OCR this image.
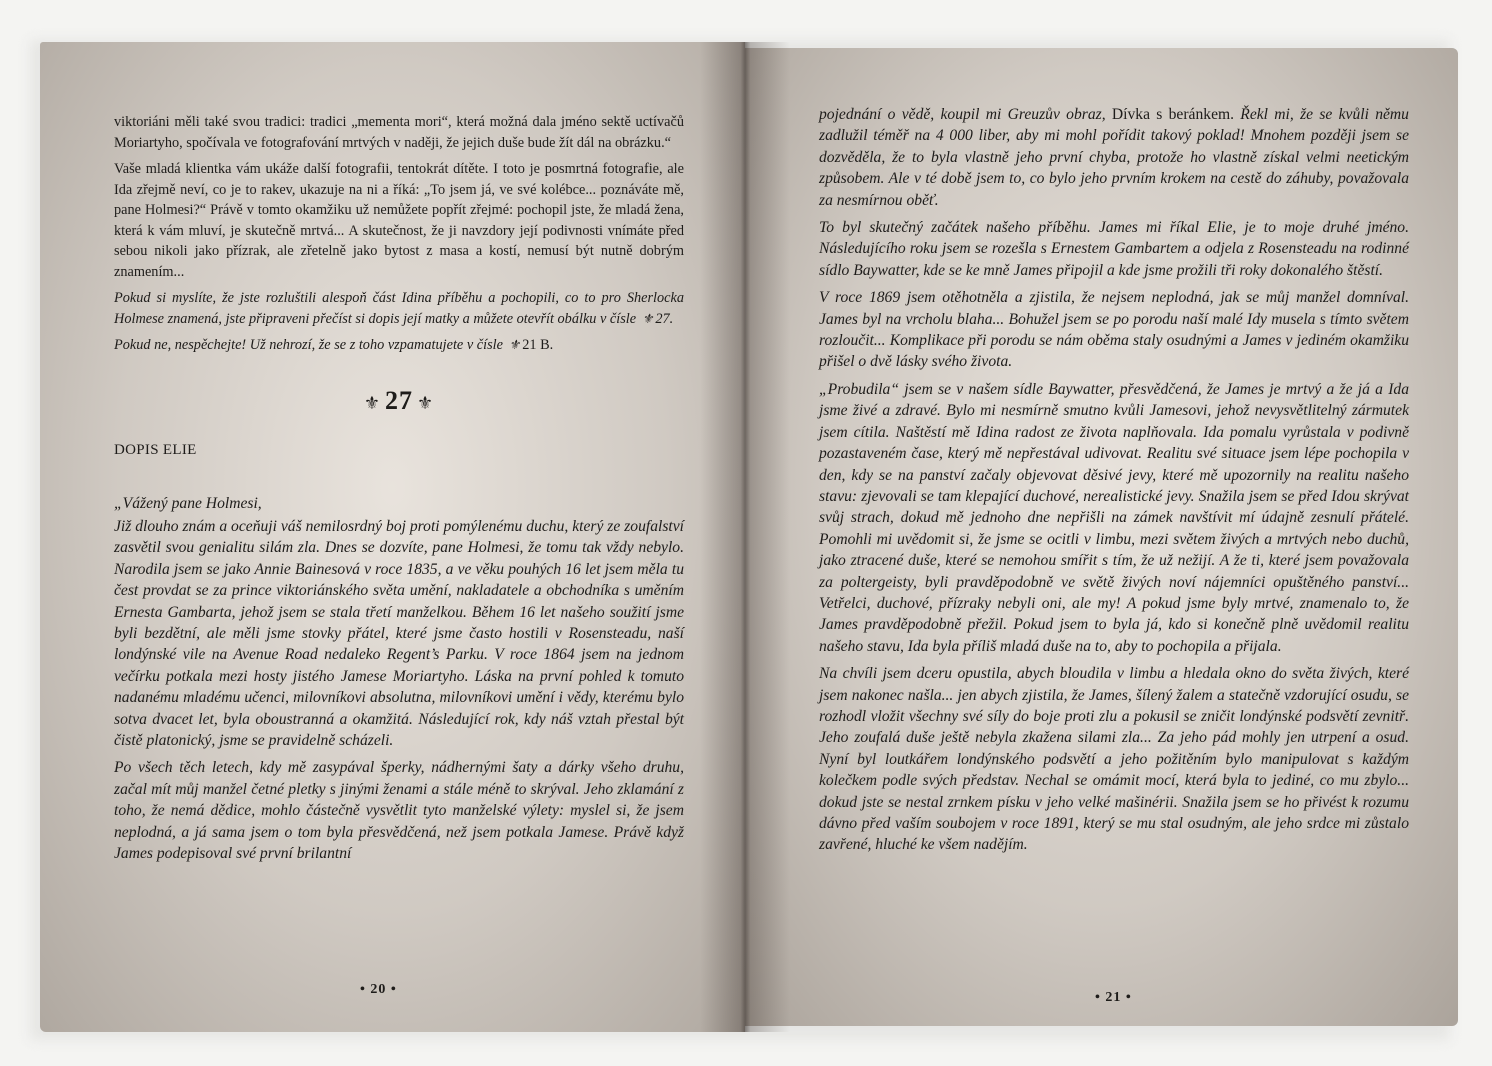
viktoriáni měli také svou tradici: tradici „mementa mori“, která možná dala jméno sektě uctívačů Moriartyho, spočívala ve fotografování mrtvých v naději, že jejich duše bude žít dál na obrázku.“

Vaše mladá klientka vám ukáže další fotografii, tentokrát dítěte. I toto je posmrtná fotografie, ale Ida zřejmě neví, co je to rakev, ukazuje na ni a říká: „To jsem já, ve své kolébce... poznáváte mě, pane Holmesi?“ Právě v tomto okamžiku už nemůžete popřít zřejmé: pochopil jste, že mladá žena, která k vám mluví, je skutečně mrtvá... A skutečnost, že ji navzdory její podivnosti vnímáte před sebou nikoli jako přízrak, ale zřetelně jako bytost z masa a kostí, nemusí být nutně dobrým znamením...

Pokud si myslíte, že jste rozluštili alespoň část Idina příběhu a pochopili, co to pro Sherlocka Holmese znamená, jste připraveni přečíst si dopis její matky a můžete otevřít obálku v čísle ⚜ 27.

Pokud ne, nespěchejte! Už nehrozí, že se z toho vzpamatujete v čísle ⚜ 21 B.

⚜ 27 ⚜
DOPIS ELIE

„Vážený pane Holmesi,

Již dlouho znám a oceňuji váš nemilosrdný boj proti pomýlenému duchu, který ze zoufalství zasvětil svou genialitu silám zla. Dnes se dozvíte, pane Holmesi, že tomu tak vždy nebylo. Narodila jsem se jako Annie Bainesová v roce 1835, a ve věku pouhých 16 let jsem měla tu čest provdat se za prince viktoriánského světa umění, nakladatele a obchodníka s uměním Ernesta Gambarta, jehož jsem se stala třetí manželkou. Během 16 let našeho soužití jsme byli bezdětní, ale měli jsme stovky přátel, které jsme často hostili v Rosensteadu, naší londýnské vile na Avenue Road nedaleko Regent’s Parku. V roce 1864 jsem na jednom večírku potkala mezi hosty jistého Jamese Moriartyho. Láska na první pohled k tomuto nadanému mladému učenci, milovníkovi absolutna, milovníkovi umění i vědy, kterému bylo sotva dvacet let, byla oboustranná a okamžitá. Následující rok, kdy náš vztah přestal být čistě platonický, jsme se pravidelně scházeli.

Po všech těch letech, kdy mě zasypával šperky, nádhernými šaty a dárky všeho druhu, začal mít můj manžel četné pletky s jinými ženami a stále méně to skrýval. Jeho zklamání z toho, že nemá dědice, mohlo částečně vysvětlit tyto manželské výlety: myslel si, že jsem neplodná, a já sama jsem o tom byla přesvědčená, než jsem potkala Jamese. Právě když James podepisoval své první brilantní

• 20 •

pojednání o vědě, koupil mi Greuzův obraz, Dívka s beránkem. Řekl mi, že se kvůli němu zadlužil téměř na 4 000 liber, aby mi mohl pořídit takový poklad! Mnohem později jsem se dozvěděla, že to byla vlastně jeho první chyba, protože ho vlastně získal velmi neetickým způsobem. Ale v té době jsem to, co bylo jeho prvním krokem na cestě do záhuby, považovala za nesmírnou oběť.

To byl skutečný začátek našeho příběhu. James mi říkal Elie, je to moje druhé jméno. Následujícího roku jsem se rozešla s Ernestem Gambartem a odjela z Rosensteadu na rodinné sídlo Baywatter, kde se ke mně James připojil a kde jsme prožili tři roky dokonalého štěstí.

V roce 1869 jsem otěhotněla a zjistila, že nejsem neplodná, jak se můj manžel domníval. James byl na vrcholu blaha... Bohužel jsem se po porodu naší malé Idy musela s tímto světem rozloučit... Komplikace při porodu se nám oběma staly osudnými a James v jediném okamžiku přišel o dvě lásky svého života.

„Probudila“ jsem se v našem sídle Baywatter, přesvědčená, že James je mrtvý a že já a Ida jsme živé a zdravé. Bylo mi nesmírně smutno kvůli Jamesovi, jehož nevysvětlitelný zármutek jsem cítila. Naštěstí mě Idina radost ze života naplňovala. Ida pomalu vyrůstala v podivně pozastaveném čase, který mě nepřestával udivovat. Realitu své situace jsem lépe pochopila v den, kdy se na panství začaly objevovat děsivé jevy, které mě upozornily na realitu našeho stavu: zjevovali se tam klepající duchové, nerealistické jevy. Snažila jsem se před Idou skrývat svůj strach, dokud mě jednoho dne nepřišli na zámek navštívit mí údajně zesnulí přátelé. Pomohli mi uvědomit si, že jsme se ocitli v limbu, mezi světem živých a mrtvých nebo duchů, jako ztracené duše, které se nemohou smířit s tím, že už nežijí. A že ti, které jsem považovala za poltergeisty, byli pravděpodobně ve světě živých noví nájemníci opuštěného panství... Vetřelci, duchové, přízraky nebyli oni, ale my! A pokud jsme byly mrtvé, znamenalo to, že James pravděpodobně přežil. Pokud jsem to byla já, kdo si konečně plně uvědomil realitu našeho stavu, Ida byla příliš mladá duše na to, aby to pochopila a přijala.

Na chvíli jsem dceru opustila, abych bloudila v limbu a hledala okno do světa živých, které jsem nakonec našla... jen abych zjistila, že James, šílený žalem a statečně vzdorující osudu, se rozhodl vložit všechny své síly do boje proti zlu a pokusil se zničit londýnské podsvětí zevnitř. Jeho zoufalá duše ještě nebyla zkažena silami zla... Za jeho pád mohly jen utrpení a osud. Nyní byl loutkářem londýnského podsvětí a jeho požitěním bylo manipulovat s každým kolečkem podle svých představ. Nechal se omámit mocí, která byla to jediné, co mu zbylo... dokud jste se nestal zrnkem písku v jeho velké mašinérii. Snažila jsem se ho přivést k rozumu dávno před vaším soubojem v roce 1891, který se mu stal osudným, ale jeho srdce mi zůstalo zavřené, hluché ke všem nadějím.

• 21 •
